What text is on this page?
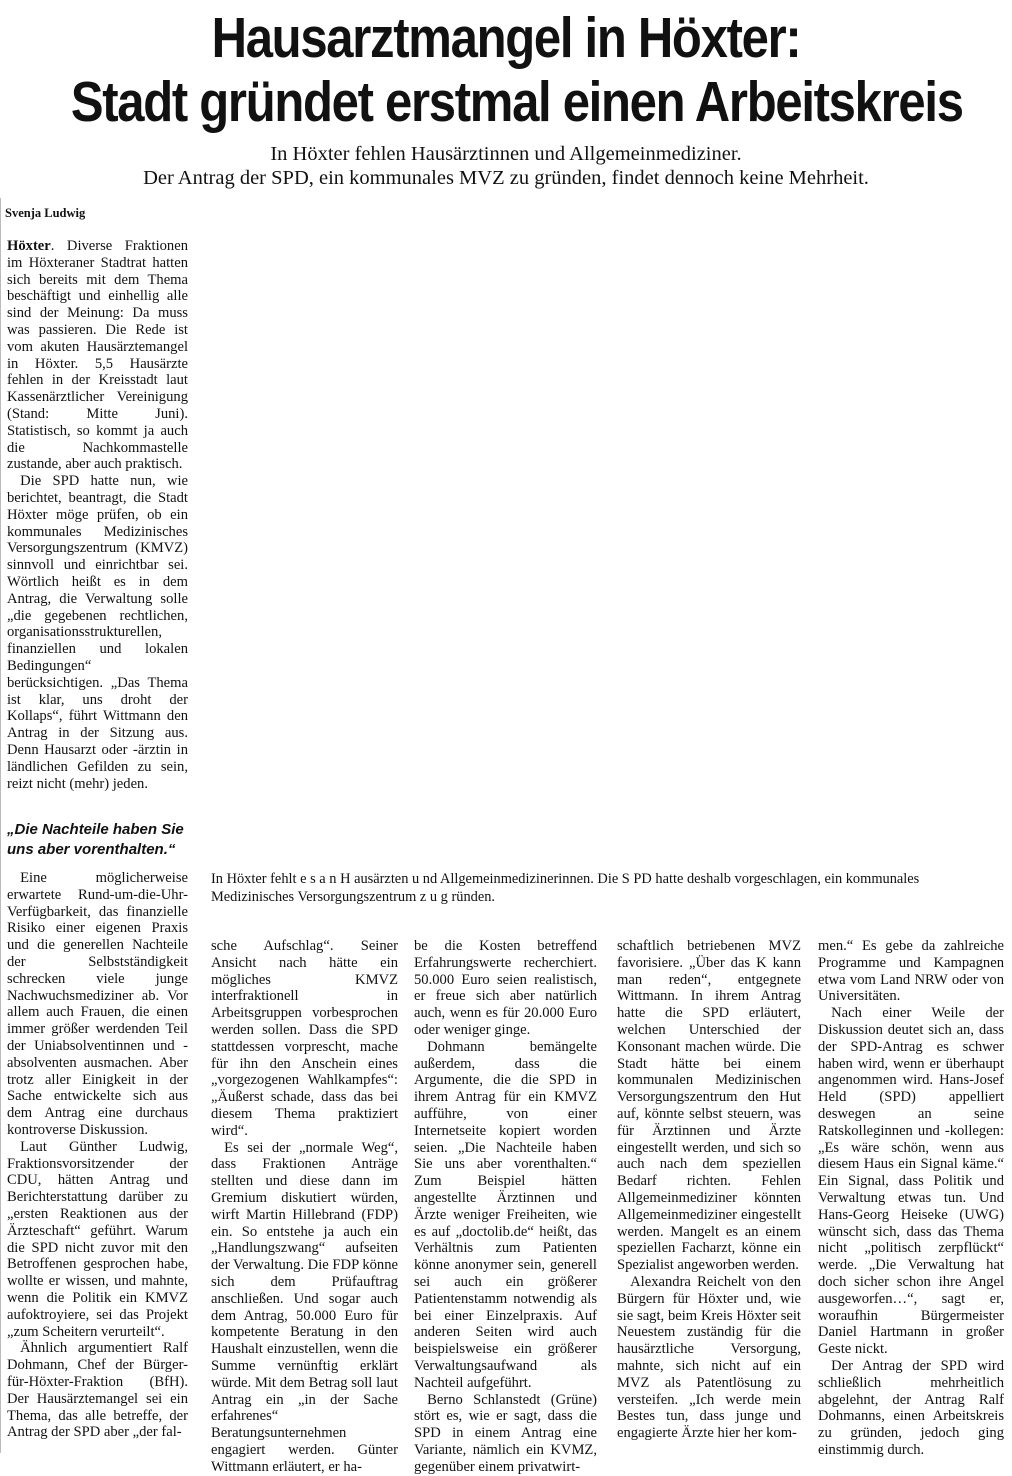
Hausarztmangel in Höxter:
Stadt gründet erstmal einen Arbeitskreis
In Höxter fehlen Hausärztinnen und Allgemeinmediziner.
Der Antrag der SPD, ein kommunales MVZ zu gründen, findet dennoch keine Mehrheit.
Svenja Ludwig

Höxter. Diverse Fraktionen im Höxteraner Stadtrat hatten sich bereits mit dem Thema beschäftigt und einhellig alle sind der Meinung: Da muss was passieren. Die Rede ist vom akuten Hausärztemangel in Höxter. 5,5 Hausärzte fehlen in der Kreisstadt laut Kassenärztlicher Vereinigung (Stand: Mitte Juni). Statistisch, so kommt ja auch die Nachkommastelle zustande, aber auch praktisch.

Die SPD hatte nun, wie berichtet, beantragt, die Stadt Höxter möge prüfen, ob ein kommunales Medizinisches Versorgungszentrum (KMVZ) sinnvoll und einrichtbar sei. Wörtlich heißt es in dem Antrag, die Verwaltung solle „die gegebenen rechtlichen, organisationsstrukturellen, finanziellen und lokalen Bedingungen“ berücksichtigen. „Das Thema ist klar, uns droht der Kollaps“, führt Wittmann den Antrag in der Sitzung aus. Denn Hausarzt oder -ärztin in ländlichen Gefilden zu sein, reizt nicht (mehr) jeden.

„Die Nachteile haben Sie uns aber vorenthalten.“
In Höxter fehlt e s a n H ausärzten u nd Allgemeinmedizinerinnen. Die S PD hatte deshalb vorgeschlagen, ein kommunales Medizinisches Versorgungszentrum z u g ründen.

Eine möglicherweise erwartete Rund-um-die-Uhr-Verfügbarkeit, das finanzielle Risiko einer eigenen Praxis und die generellen Nachteile der Selbstständigkeit schrecken viele junge Nachwuchsmediziner ab. Vor allem auch Frauen, die einen immer größer werdenden Teil der Uniabsolventinnen und -absolventen ausmachen. Aber trotz aller Einigkeit in der Sache entwickelte sich aus dem Antrag eine durchaus kontroverse Diskussion.

Laut Günther Ludwig, Fraktionsvorsitzender der CDU, hätten Antrag und Berichterstattung darüber zu „ersten Reaktionen aus der Ärzteschaft“ geführt. Warum die SPD nicht zuvor mit den Betroffenen gesprochen habe, wollte er wissen, und mahnte, wenn die Politik ein KMVZ aufoktroyiere, sei das Projekt „zum Scheitern verurteilt“.

Ähnlich argumentiert Ralf Dohmann, Chef der Bürger-für-Höxter-Fraktion (BfH). Der Hausärztemangel sei ein Thema, das alle betreffe, der Antrag der SPD aber „der fal-

sche Aufschlag“. Seiner Ansicht nach hätte ein mögliches KMVZ interfraktionell in Arbeitsgruppen vorbesprochen werden sollen. Dass die SPD stattdessen vorprescht, mache für ihn den Anschein eines „vorgezogenen Wahlkampfes“: „Äußerst schade, dass das bei diesem Thema praktiziert wird“.

Es sei der „normale Weg“, dass Fraktionen Anträge stellten und diese dann im Gremium diskutiert würden, wirft Martin Hillebrand (FDP) ein. So entstehe ja auch ein „Handlungszwang“ aufseiten der Verwaltung. Die FDP könne sich dem Prüfauftrag anschließen. Und sogar auch dem Antrag, 50.000 Euro für kompetente Beratung in den Haushalt einzustellen, wenn die Summe vernünftig erklärt würde. Mit dem Betrag soll laut Antrag ein „in der Sache erfahrenes“ Beratungsunternehmen engagiert werden. Günter Wittmann erläutert, er ha-

be die Kosten betreffend Erfahrungswerte recherchiert. 50.000 Euro seien realistisch, er freue sich aber natürlich auch, wenn es für 20.000 Euro oder weniger ginge.

Dohmann bemängelte außerdem, dass die Argumente, die die SPD in ihrem Antrag für ein KMVZ aufführe, von einer Internetseite kopiert worden seien. „Die Nachteile haben Sie uns aber vorenthalten.“ Zum Beispiel hätten angestellte Ärztinnen und Ärzte weniger Freiheiten, wie es auf „doctolib.de“ heißt, das Verhältnis zum Patienten könne anonymer sein, generell sei auch ein größerer Patientenstamm notwendig als bei einer Einzelpraxis. Auf anderen Seiten wird auch beispielsweise ein größerer Verwaltungsaufwand als Nachteil aufgeführt.

Berno Schlanstedt (Grüne) stört es, wie er sagt, dass die SPD in einem Antrag eine Variante, nämlich ein KVMZ, gegenüber einem privatwirt-

schaftlich betriebenen MVZ favorisiere. „Über das K kann man reden“, entgegnete Wittmann. In ihrem Antrag hatte die SPD erläutert, welchen Unterschied der Konsonant machen würde. Die Stadt hätte bei einem kommunalen Medizinischen Versorgungszentrum den Hut auf, könnte selbst steuern, was für Ärztinnen und Ärzte eingestellt werden, und sich so auch nach dem speziellen Bedarf richten. Fehlen Allgemeinmediziner könnten Allgemeinmediziner eingestellt werden. Mangelt es an einem speziellen Facharzt, könne ein Spezialist angeworben werden.

Alexandra Reichelt von den Bürgern für Höxter und, wie sie sagt, beim Kreis Höxter seit Neuestem zuständig für die hausärztliche Versorgung, mahnte, sich nicht auf ein MVZ als Patentlösung zu versteifen. „Ich werde mein Bestes tun, dass junge und engagierte Ärzte hier her kom-

men.“ Es gebe da zahlreiche Programme und Kampagnen etwa vom Land NRW oder von Universitäten.

Nach einer Weile der Diskussion deutet sich an, dass der SPD-Antrag es schwer haben wird, wenn er überhaupt angenommen wird. Hans-Josef Held (SPD) appelliert deswegen an seine Ratskolleginnen und -kollegen: „Es wäre schön, wenn aus diesem Haus ein Signal käme.“ Ein Signal, dass Politik und Verwaltung etwas tun. Und Hans-Georg Heiseke (UWG) wünscht sich, dass das Thema nicht „politisch zerpflückt“ werde. „Die Verwaltung hat doch sicher schon ihre Angel ausgeworfen…“, sagt er, woraufhin Bürgermeister Daniel Hartmann in großer Geste nickt.

Der Antrag der SPD wird schließlich mehrheitlich abgelehnt, der Antrag Ralf Dohmanns, einen Arbeitskreis zu gründen, jedoch ging einstimmig durch.
